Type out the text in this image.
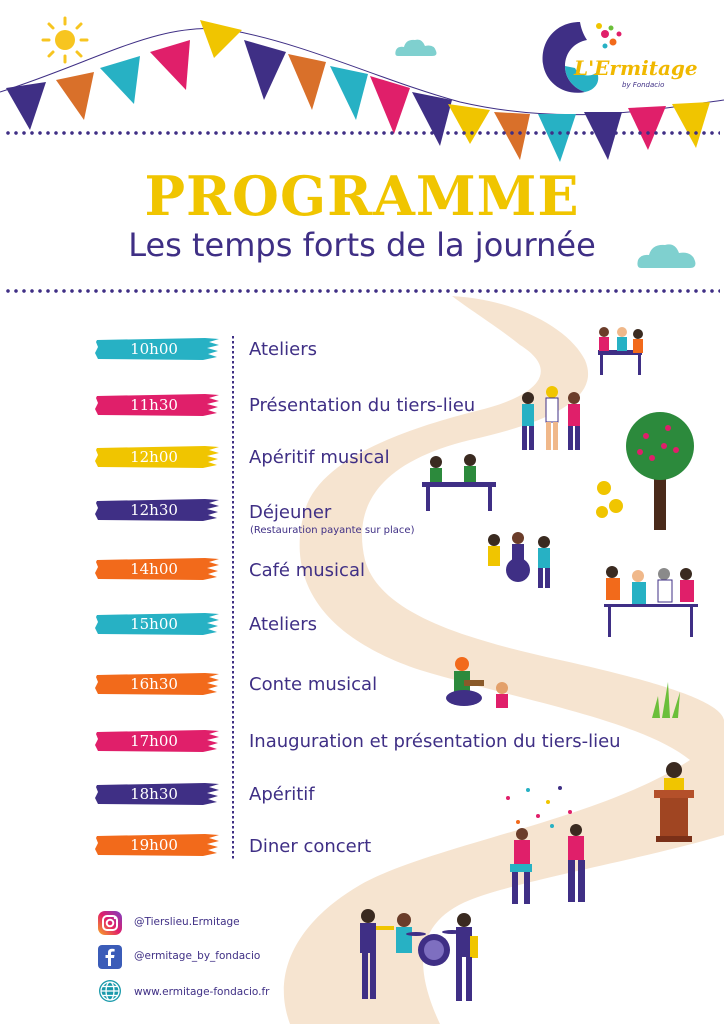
L'Ermitage
by Fondacio
PROGRAMME
Les temps forts de la journée
10h00	Ateliers
11h30	Présentation du tiers-lieu
12h00	Apéritif musical
12h30	Déjeuner
(Restauration payante sur place)
14h00	Café musical
15h00	Ateliers
16h30	Conte musical
17h00	Inauguration et présentation du tiers-lieu
18h30	Apéritif
19h00	Diner concert
@Tierslieu.Ermitage
@ermitage_by_fondacio
www.ermitage-fondacio.fr
